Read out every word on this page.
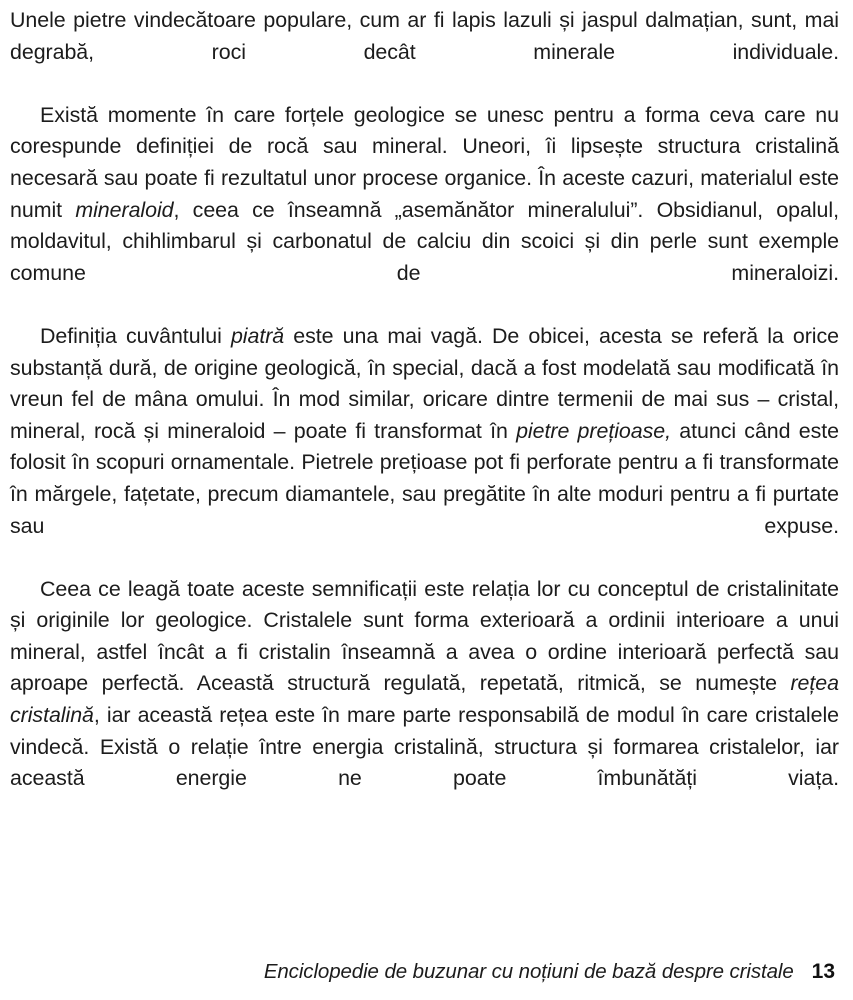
Unele pietre vindecătoare populare, cum ar fi lapis lazuli și jaspul dalmațian, sunt, mai degrabă, roci decât minerale individuale.

Există momente în care forțele geologice se unesc pentru a forma ceva care nu corespunde definiției de rocă sau mineral. Uneori, îi lipsește structura cristalină necesară sau poate fi rezultatul unor procese organice. În aceste cazuri, materialul este numit mineraloid, ceea ce înseamnă „asemănător mineralului”. Obsidianul, opalul, moldavitul, chihlimbarul și carbonatul de calciu din scoici și din perle sunt exemple comune de mineraloizi.

Definiția cuvântului piatră este una mai vagă. De obicei, acesta se referă la orice substanță dură, de origine geologică, în special, dacă a fost modelată sau modificată în vreun fel de mâna omului. În mod similar, oricare dintre termenii de mai sus – cristal, mineral, rocă și mineraloid – poate fi transformat în pietre prețioase, atunci când este folosit în scopuri ornamentale. Pietrele prețioase pot fi perforate pentru a fi transformate în mărgele, fațetate, precum diamantele, sau pregătite în alte moduri pentru a fi purtate sau expuse.

Ceea ce leagă toate aceste semnificații este relația lor cu conceptul de cristalinitate și originile lor geologice. Cristalele sunt forma exterioară a ordinii interioare a unui mineral, astfel încât a fi cristalin înseamnă a avea o ordine interioară perfectă sau aproape perfectă. Această structură regulată, repetată, ritmică, se numește rețea cristalină, iar această rețea este în mare parte responsabilă de modul în care cristalele vindecă. Există o relație între energia cristalină, structura și formarea cristalelor, iar această energie ne poate îmbunătăți viața.

Enciclopedie de buzunar cu noțiuni de bază despre cristale 13
